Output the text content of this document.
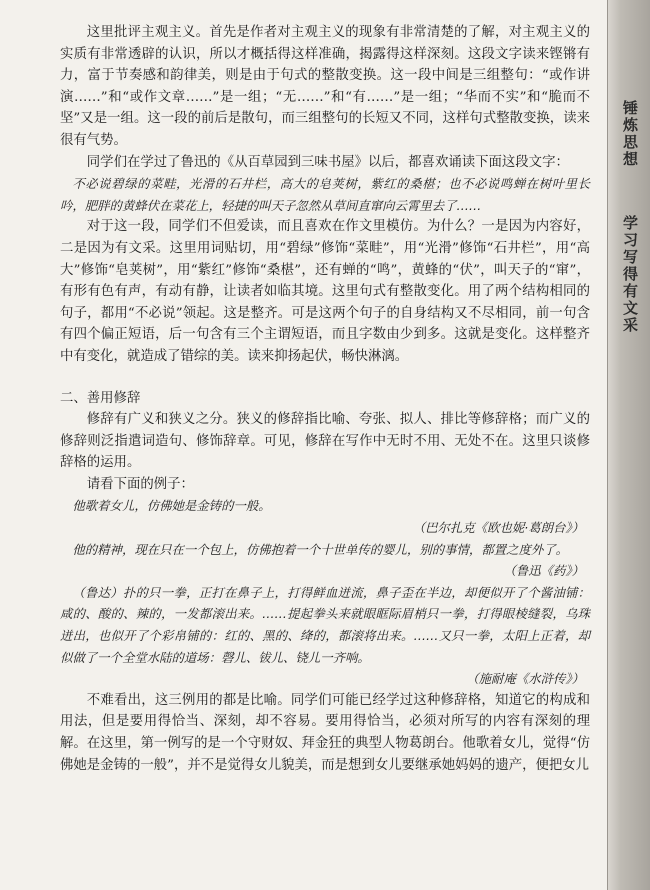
锤炼思想
学习写得有文采

这里批评主观主义。首先是作者对主观主义的现象有非常清楚的了解，对主观主义的实质有非常透辟的认识，所以才概括得这样准确，揭露得这样深刻。这段文字读来铿锵有力，富于节奏感和韵律美，则是由于句式的整散变换。这一段中间是三组整句：“或作讲演……”和“或作文章……”是一组；“无……”和“有……”是一组；“华而不实”和“脆而不坚”又是一组。这一段的前后是散句，而三组整句的长短又不同，这样句式整散变换，读来很有气势。

同学们在学过了鲁迅的《从百草园到三味书屋》以后，都喜欢诵读下面这段文字：

不必说碧绿的菜畦，光滑的石井栏，高大的皂荚树，紫红的桑椹；也不必说鸣蝉在树叶里长吟，肥胖的黄蜂伏在菜花上，轻捷的叫天子忽然从草间直窜向云霄里去了……

对于这一段，同学们不但爱读，而且喜欢在作文里模仿。为什么？一是因为内容好，二是因为有文采。这里用词贴切，用“碧绿”修饰“菜畦”，用“光滑”修饰“石井栏”，用“高大”修饰“皂荚树”，用“紫红”修饰“桑椹”，还有蝉的“鸣”，黄蜂的“伏”，叫天子的“窜”，有形有色有声，有动有静，让读者如临其境。这里句式有整散变化。用了两个结构相同的句子，都用“不必说”领起。这是整齐。可是这两个句子的自身结构又不尽相同，前一句含有四个偏正短语，后一句含有三个主谓短语，而且字数由少到多。这就是变化。这样整齐中有变化，就造成了错综的美。读来抑扬起伏，畅快淋漓。

二、善用修辞

修辞有广义和狭义之分。狭义的修辞指比喻、夸张、拟人、排比等修辞格；而广义的修辞则泛指遣词造句、修饰辞章。可见，修辞在写作中无时不用、无处不在。这里只谈修辞格的运用。

请看下面的例子：

他歌着女儿，仿佛她是金铸的一般。

（巴尔扎克《欧也妮·葛朗台》）

他的精神，现在只在一个包上，仿佛抱着一个十世单传的婴儿，别的事情，都置之度外了。

（鲁迅《药》）

（鲁达）扑的只一拳，正打在鼻子上，打得鲜血迸流，鼻子歪在半边，却便似开了个酱油铺：咸的、酸的、辣的，一发都滚出来。……提起拳头来就眼眶际眉梢只一拳，打得眼棱缝裂，乌珠迸出，也似开了个彩帛铺的：红的、黑的、绛的，都滚将出来。……又只一拳，太阳上正着，却似做了一个全堂水陆的道场：磬儿、钹儿、铙儿一齐响。

（施耐庵《水浒传》）

不难看出，这三例用的都是比喻。同学们可能已经学过这种修辞格，知道它的构成和用法，但是要用得恰当、深刻，却不容易。要用得恰当，必须对所写的内容有深刻的理解。在这里，第一例写的是一个守财奴、拜金狂的典型人物葛朗台。他歌着女儿，觉得“仿佛她是金铸的一般”，并不是觉得女儿貌美，而是想到女儿要继承她妈妈的遗产，便把女儿
